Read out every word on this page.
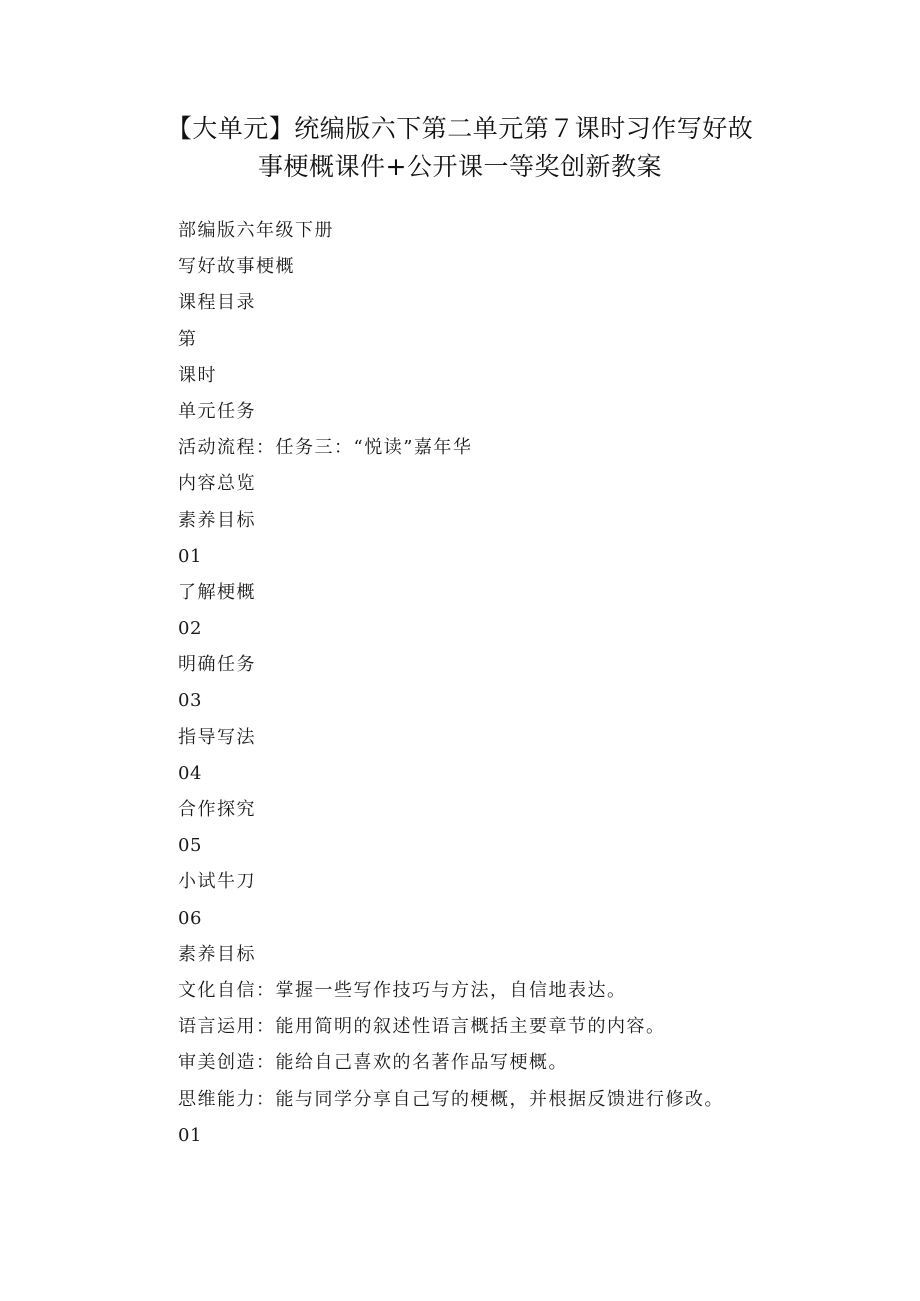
【大单元】统编版六下第二单元第７课时习作写好故
事梗概课件+公开课一等奖创新教案
部编版六年级下册
写好故事梗概
课程目录
第
课时
单元任务
活动流程：任务三：“悦读”嘉年华
内容总览
素养目标
01
了解梗概
02
明确任务
03
指导写法
04
合作探究
05
小试牛刀
06
素养目标
文化自信：掌握一些写作技巧与方法，自信地表达。
语言运用：能用简明的叙述性语言概括主要章节的内容。
审美创造：能给自己喜欢的名著作品写梗概。
思维能力：能与同学分享自己写的梗概，并根据反馈进行修改。
01
